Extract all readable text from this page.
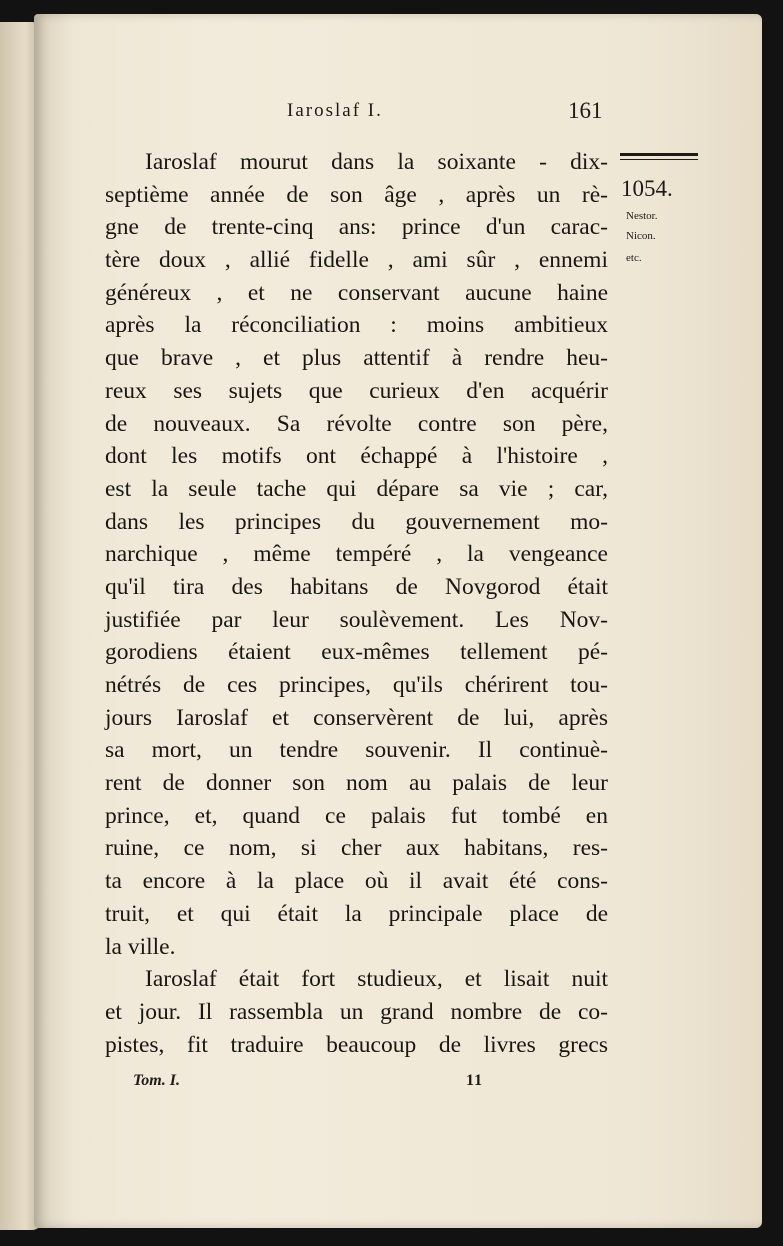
Iaroslaf I.	161
1054.
Nestor.
Nicon.
etc.
Iaroslaf mourut dans la soixante - dix-
septième année de son âge , après un rè-
gne de trente-cinq ans: prince d'un carac-
tère doux , allié fidelle , ami sûr , ennemi
généreux , et ne conservant aucune haine
après la réconciliation : moins ambitieux
que brave , et plus attentif à rendre heu-
reux ses sujets que curieux d'en acquérir
de nouveaux. Sa révolte contre son père,
dont les motifs ont échappé à l'histoire ,
est la seule tache qui dépare sa vie ; car,
dans les principes du gouvernement mo-
narchique , même tempéré , la vengeance
qu'il tira des habitans de Novgorod était
justifiée par leur soulèvement. Les Nov-
gorodiens étaient eux-mêmes tellement pé-
nétrés de ces principes, qu'ils chérirent tou-
jours Iaroslaf et conservèrent de lui, après
sa mort, un tendre souvenir. Il continuè-
rent de donner son nom au palais de leur
prince, et, quand ce palais fut tombé en
ruine, ce nom, si cher aux habitans, res-
ta encore à la place où il avait été cons-
truit, et qui était la principale place de
la ville.
Iaroslaf était fort studieux, et lisait nuit
et jour. Il rassembla un grand nombre de co-
pistes, fit traduire beaucoup de livres grecs
Tom. I.	11
